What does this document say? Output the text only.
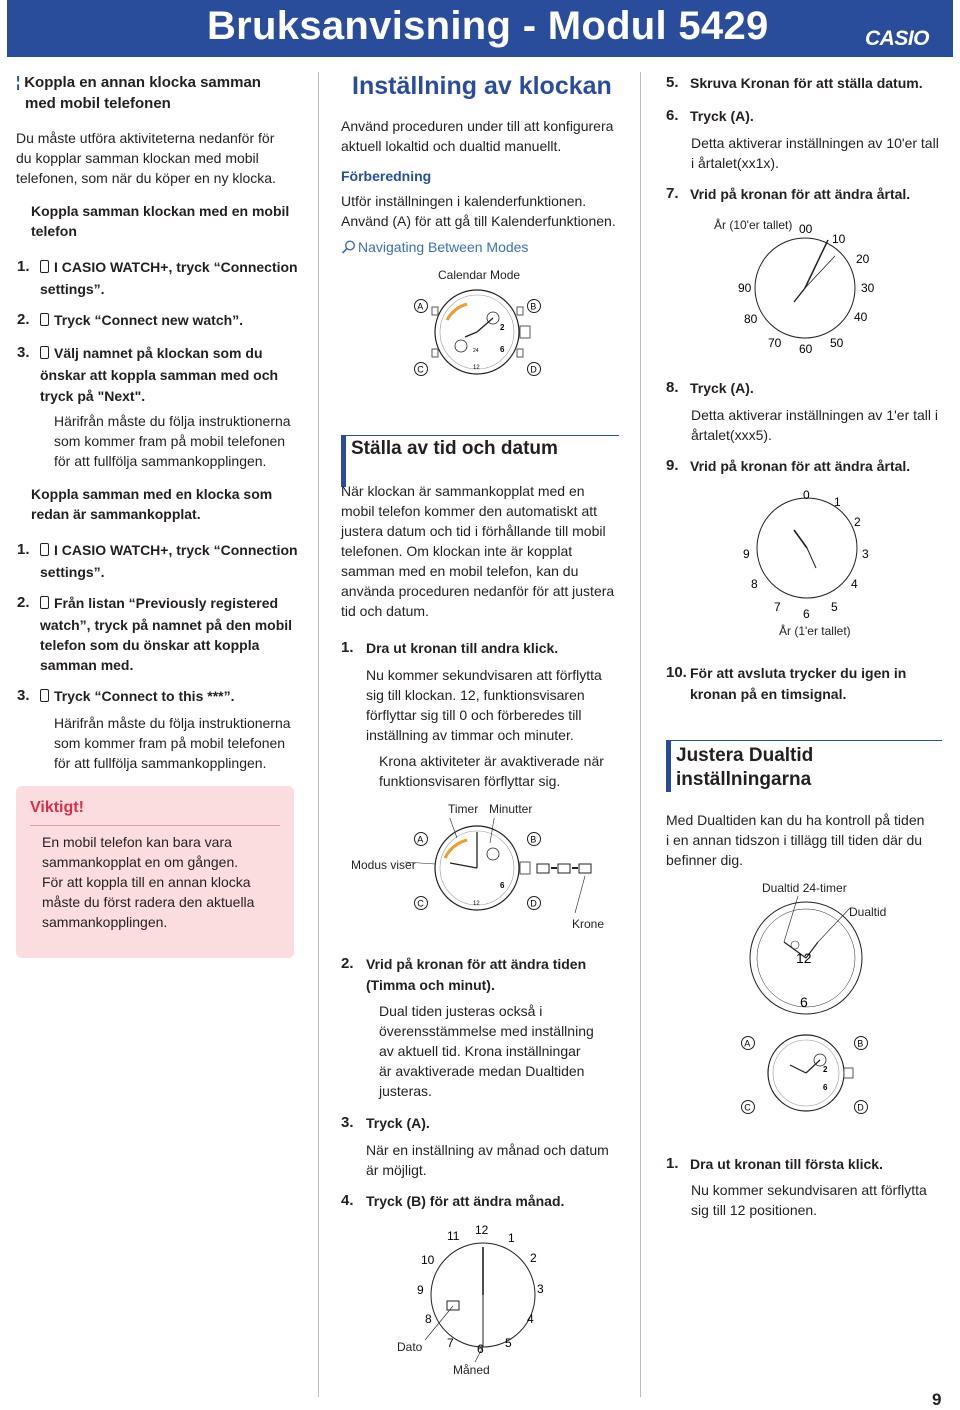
Bruksanvisning - Modul 5429	CASIO
¦ Koppla en annan klocka samman
med mobil telefonen
Du måste utföra aktiviteterna nedanför för
du kopplar samman klockan med mobil
telefonen, som när du köper en ny klocka.
Koppla samman klockan med en mobil
telefon
1.	I CASIO WATCH+, tryck “Connection
settings”.
2.	Tryck “Connect new watch”.
3.	Välj namnet på klockan som du
önskar att koppla samman med och
tryck på "Next".
Härifrån måste du följa instruktionerna
som kommer fram på mobil telefonen
för att fullfölja sammankopplingen.
Koppla samman med en klocka som
redan är sammankopplat.
1.	I CASIO WATCH+, tryck “Connection
settings”.
2.	Från listan “Previously registered
watch”, tryck på namnet på den mobil
telefon som du önskar att koppla
samman med.
3.	Tryck “Connect to this ***”.
Härifrån måste du följa instruktionerna
som kommer fram på mobil telefonen
för att fullfölja sammankopplingen.
Viktigt!
En mobil telefon kan bara vara
sammankopplat en om gången.
För att koppla till en annan klocka
måste du först radera den aktuella
sammankopplingen.
Inställning av klockan
Använd proceduren under till att konfigurera
aktuell lokaltid och dualtid manuellt.
Förberedning
Utför inställningen i kalenderfunktionen.
Använd (A) för att gå till Kalenderfunktionen.
Navigating Between Modes
Calendar Mode
2
6
12
24
A	B
C	D
Ställa av tid och datum
När klockan är sammankopplat med en
mobil telefon kommer den automatiskt att
justera datum och tid i förhållande till mobil
telefonen. Om klockan inte är kopplat
samman med en mobil telefon, kan du
använda proceduren nedanför för att justera
tid och datum.
1. Dra ut kronan till andra klick.
Nu kommer sekundvisaren att förflytta
sig till klockan. 12, funktionsvisaren
förflyttar sig till 0 och förberedes till
inställning av timmar och minuter.
Krona aktiviteter är avaktiverade när
funktionsvisaren förflyttar sig.
Timer Minutter
Modus viser
Krone
6
12
A	B
C	D
2. Vrid på kronan för att ändra tiden
(Timma och minut).
Dual tiden justeras också i
överensstämmelse med inställning
av aktuell tid. Krona inställningar
är avaktiverade medan Dualtiden
justeras.
3. Tryck (A).
När en inställning av månad och datum
är möjligt.
4. Tryck (B) för att ändra månad.
11 12
1
10	2
9	3
8	4
7 6 5
Dato
Måned
5. Skruva Kronan för att ställa datum.
6. Tryck (A).
Detta aktiverar inställningen av 10'er tall
i årtalet(xx1x).
7. Vrid på kronan för att ändra årtal.
År (10'er tallet) 00
10
20
30
40
50
60
70
80
90
8. Tryck (A).
Detta aktiverar inställningen av 1'er tall i
årtalet(xxx5).
9. Vrid på kronan för att ändra årtal.
0 1
2
3
4
5
6
7
8
9
År (1'er tallet)
10. För att avsluta trycker du igen in
kronan på en timsignal.
Justera Dualtid
inställningarna
Med Dualtiden kan du ha kontroll på tiden
i en annan tidszon i tillägg till tiden där du
befinner dig.
Dualtid 24-timer
Dualtid
12
6
2
6
A	B
C	D
1. Dra ut kronan till första klick.
Nu kommer sekundvisaren att förflytta
sig till 12 positionen.
9
